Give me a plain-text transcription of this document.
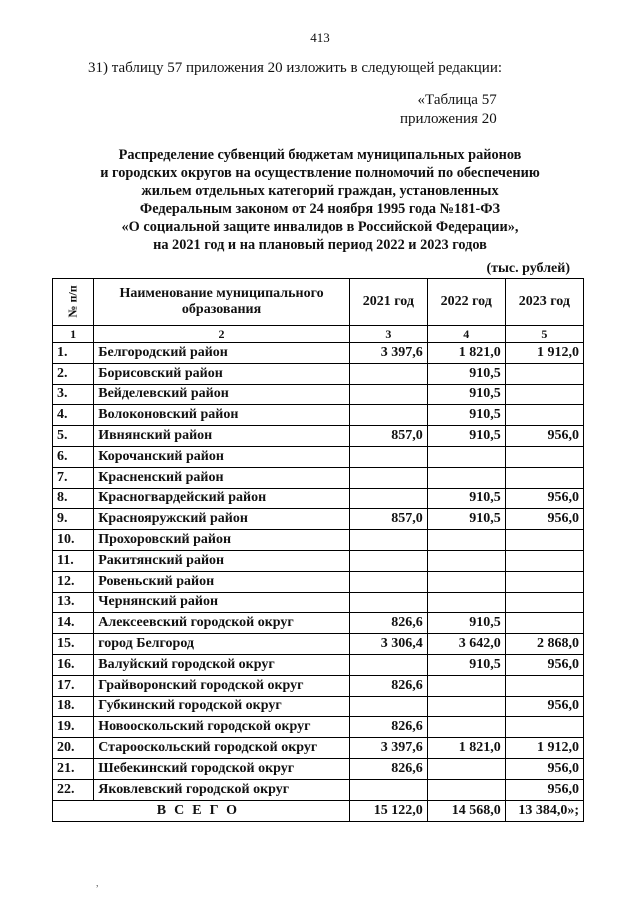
413
31) таблицу 57 приложения 20 изложить в следующей редакции:
«Таблица 57
приложения 20
Распределение субвенций бюджетам муниципальных районов
и городских округов на осуществление полномочий по обеспечению
жильем отдельных категорий граждан, установленных
Федеральным законом от 24 ноября 1995 года №181-ФЗ
«О социальной защите инвалидов в Российской Федерации»,
на 2021 год и на плановый период 2022 и 2023 годов
(тыс. рублей)
№ п/п	Наименование муниципального образования	2021 год	2022 год	2023 год
1	2	3	4	5
1.	Белгородский район	3 397,6	1 821,0	1 912,0
2.	Борисовский район		910,5	
3.	Вейделевский район		910,5	
4.	Волоконовский район		910,5	
5.	Ивнянский район	857,0	910,5	956,0
6.	Корочанский район			
7.	Красненский район			
8.	Красногвардейский район		910,5	956,0
9.	Краснояружский район	857,0	910,5	956,0
10.	Прохоровский район			
11.	Ракитянский район			
12.	Ровеньский район			
13.	Чернянский район			
14.	Алексеевский городской округ	826,6	910,5	
15.	город Белгород	3 306,4	3 642,0	2 868,0
16.	Валуйский городской округ		910,5	956,0
17.	Грайворонский городской округ	826,6		
18.	Губкинский городской округ			956,0
19.	Новооскольский городской округ	826,6		
20.	Старооскольский городской округ	3 397,6	1 821,0	1 912,0
21.	Шебекинский городской округ	826,6		956,0
22.	Яковлевский городской округ			956,0
ВСЕГО		15 122,0	14 568,0	13 384,0»;
,
